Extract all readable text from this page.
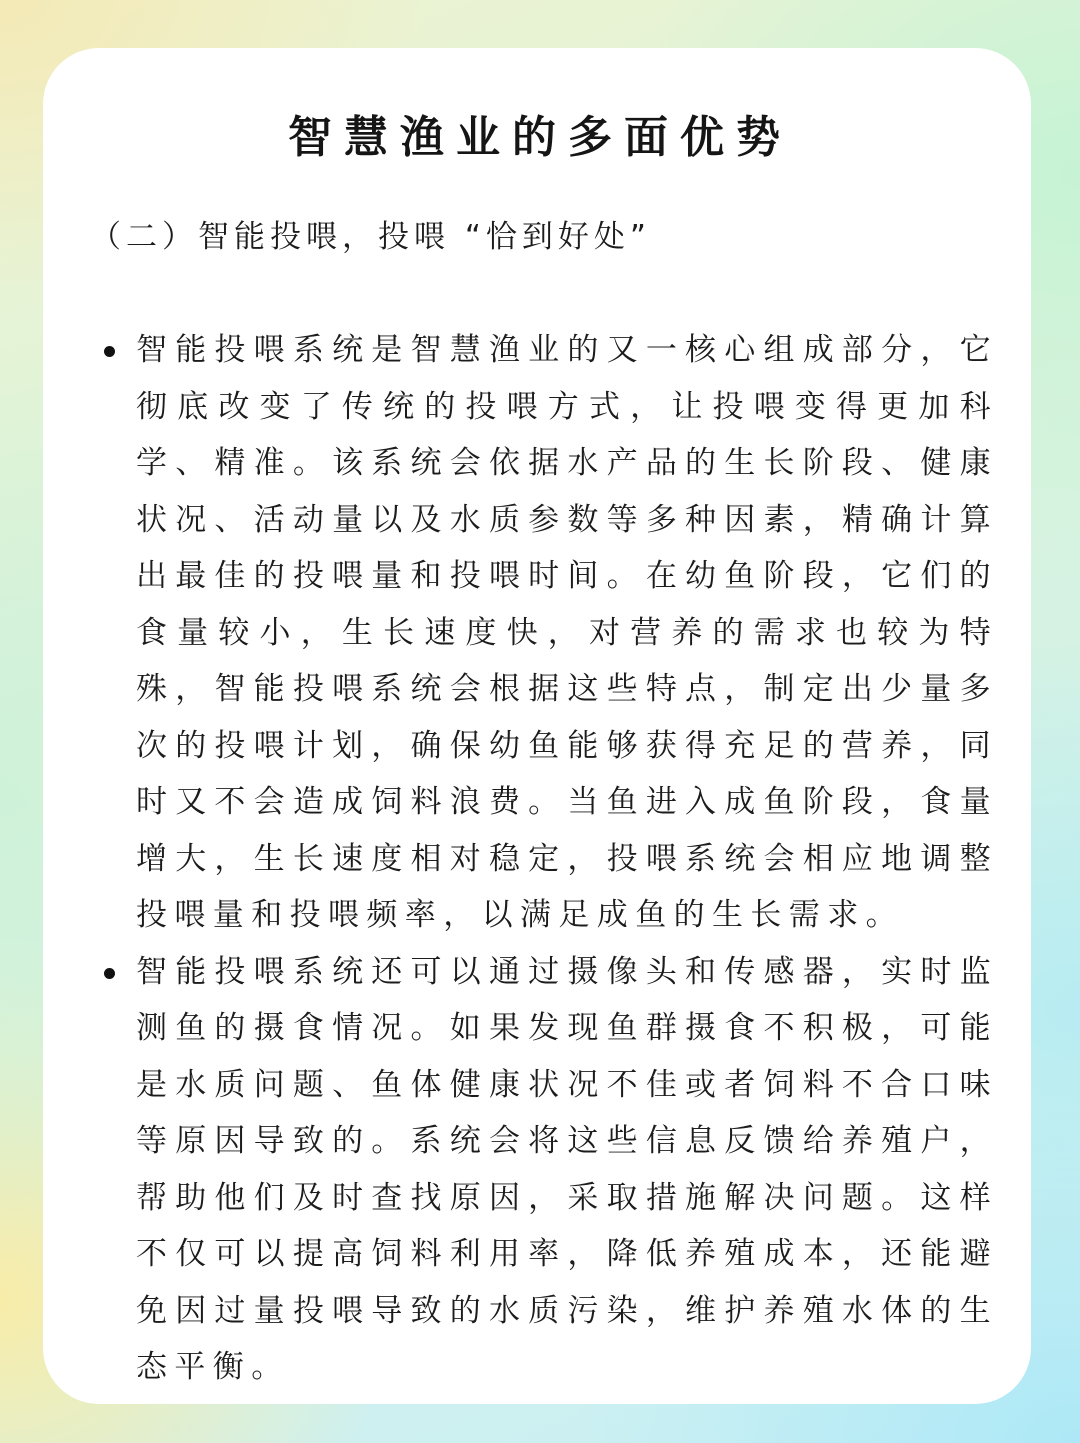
智慧渔业的多面优势
（二）智能投喂，投喂 “恰到好处”
智能投喂系统是智慧渔业的又一核心组成部分，它彻底改变了传统的投喂方式，让投喂变得更加科学、精准。该系统会依据水产品的生长阶段、健康状况、活动量以及水质参数等多种因素，精确计算出最佳的投喂量和投喂时间。在幼鱼阶段，它们的食量较小，生长速度快，对营养的需求也较为特殊，智能投喂系统会根据这些特点，制定出少量多次的投喂计划，确保幼鱼能够获得充足的营养，同时又不会造成饲料浪费。当鱼进入成鱼阶段，食量增大，生长速度相对稳定，投喂系统会相应地调整投喂量和投喂频率，以满足成鱼的生长需求。
智能投喂系统还可以通过摄像头和传感器，实时监测鱼的摄食情况。如果发现鱼群摄食不积极，可能是水质问题、鱼体健康状况不佳或者饲料不合口味等原因导致的。系统会将这些信息反馈给养殖户，帮助他们及时查找原因，采取措施解决问题。这样不仅可以提高饲料利用率，降低养殖成本，还能避免因过量投喂导致的水质污染，维护养殖水体的生态平衡。
